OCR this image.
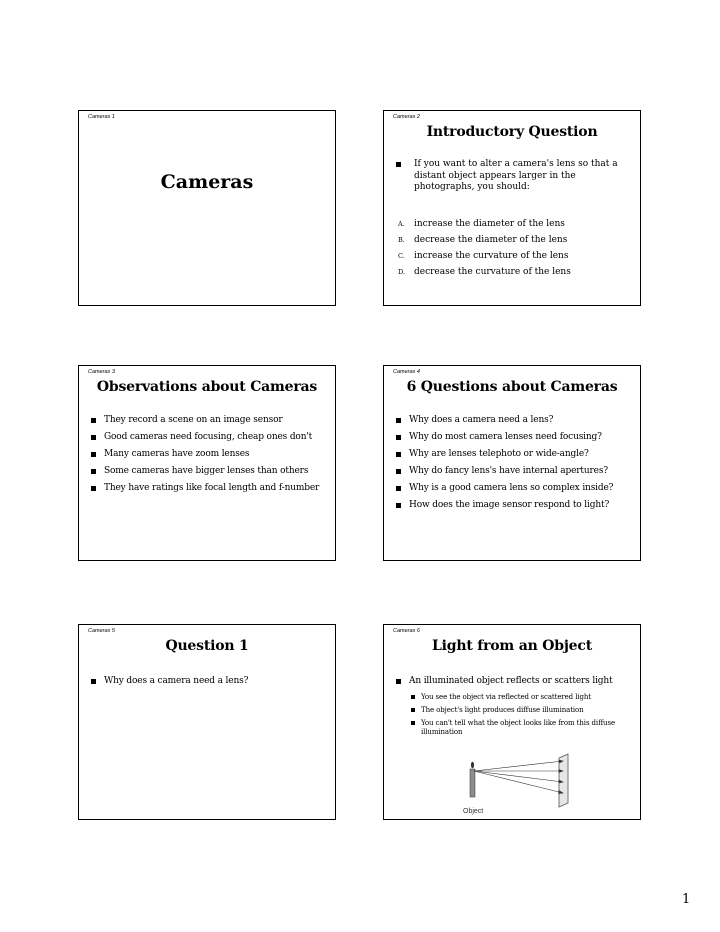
Cameras 1
Cameras
Cameras 2
Introductory Question
If you want to alter a camera's lens so that a distant object appears larger in the photographs, you should:
A. increase the diameter of the lens
B. decrease the diameter of the lens
C. increase the curvature of the lens
D. decrease the curvature of the lens
Cameras 3
Observations about Cameras
They record a scene on an image sensor
Good cameras need focusing, cheap ones don't
Many cameras have zoom lenses
Some cameras have bigger lenses than others
They have ratings like focal length and f-number
Cameras 4
6 Questions about Cameras
Why does a camera need a lens?
Why do most camera lenses need focusing?
Why are lenses telephoto or wide-angle?
Why do fancy lens's have internal apertures?
Why is a good camera lens so complex inside?
How does the image sensor respond to light?
Cameras 5
Question 1
Why does a camera need a lens?
Cameras 6
Light from an Object
An illuminated object reflects or scatters light
You see the object via reflected or scattered light
The object's light produces diffuse illumination
You can't tell what the object looks like from this diffuse illumination
Object
1
